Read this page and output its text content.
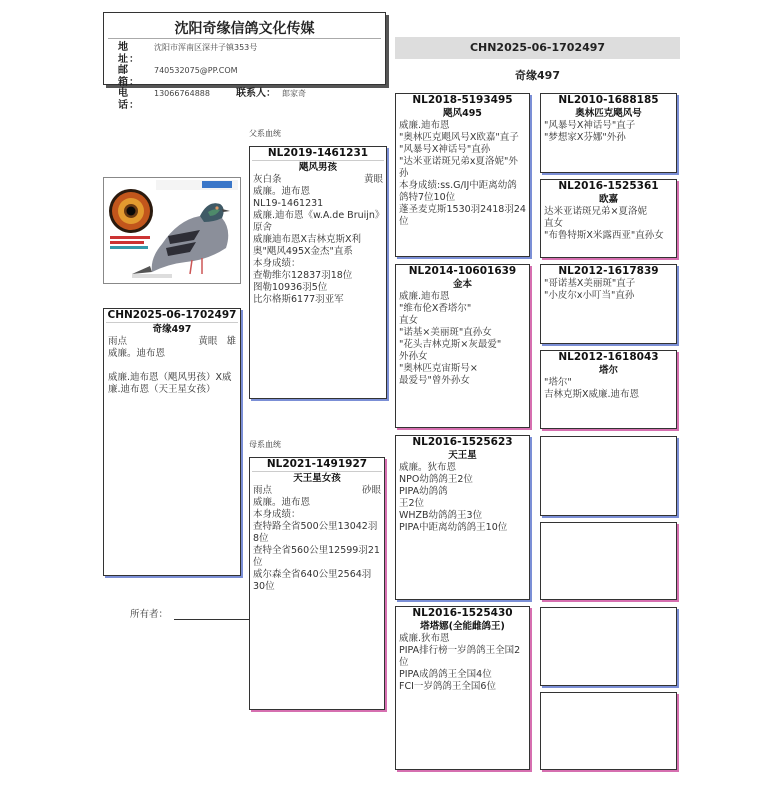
沈阳奇缘信鸽文化传媒
地 址：
沈阳市浑南区深井子镇353号
邮 箱：
740532075@PP.COM
电 话：
13066764888	联系人： 郎家奇
CHN2025-06-1702497
奇缘497
父系血统
母系血统
CHN2025-06-1702497
奇缘497
雨点	黄眼 雄
威廉。迪布恩
威廉.迪布恩（飓风男孩）X威廉.迪布恩（天王星女孩）
所有者：
NL2019-1461231
飓风男孩
灰白条	黄眼
威廉。迪布恩
NL19-1461231
威廉.迪布恩《w.A.de Bruijn》原舍
威廉迪布恩X吉林克斯X利奥"飓风495X金杰"直系
本身成绩：
查勒维尔12837羽18位
图勒10936羽5位
比尔格斯6177羽亚军
NL2021-1491927
天王星女孩
雨点	砂眼
威廉。迪布恩
本身成绩：
查特路全省500公里13042羽8位
查特全省560公里12599羽21位
威尔森全省640公里2564羽30位
NL2018-5193495
飓风495
威廉.迪布恩
"奥林匹克飓风号X欧嘉"直子
"风暴号X神话号"直孙
"达米亚诺斑兄弟x夏洛妮"外孙
本身成绩:ss.G/IJ中距离幼鸽鸽特7位10位
蓬圣麦克斯1530羽2418羽24位
NL2014-10601639
金本
威廉.迪布恩
"维布伦X香塔尔"
直女
"诺基×美丽斑"直孙女
"花头吉林克斯×灰最爱"
外孙女
"奥林匹克宙斯号×
最爱号"曾外孙女
NL2016-1525623
天王星
威廉。狄布恩
NPO幼鸽鸽王2位
PIPA幼鸽鸽
王2位
WHZB幼鸽鸽王3位
PIPA中距离幼鸽鸽王10位
NL2016-1525430
塔塔娜(全能雌鸽王)
威廉.狄布恩
PIPA排行榜一岁鸽鸽王全国2位
PIPA成鸽鸽王全国4位
FCI一岁鸽鸽王全国6位
NL2010-1688185
奥林匹克飓风号
"风暴号X神话号"直子
"梦想家X芬娜"外孙
NL2016-1525361
欧嘉
达米亚诺斑兄弟×夏洛妮
直女
"布鲁特斯X米露西亚"直孙女
NL2012-1617839
"哥诺基X美丽斑"直子
"小皮尔x小叮当"直孙
NL2012-1618043
塔尔
"塔尔"
吉林克斯X威廉.迪布恩
